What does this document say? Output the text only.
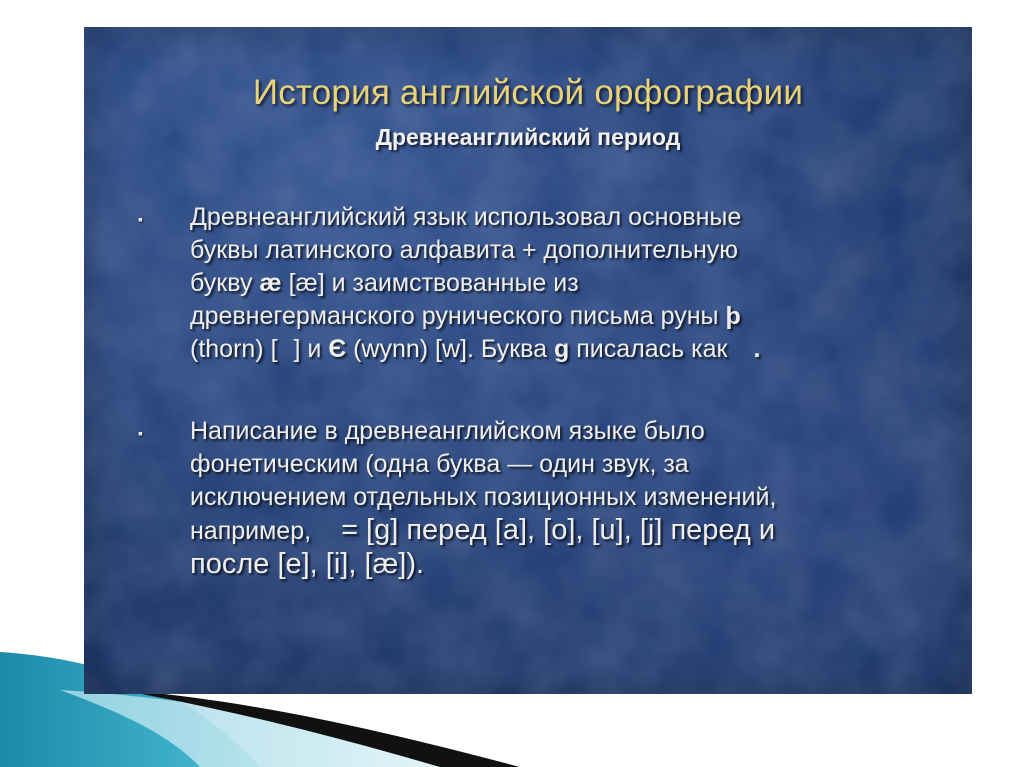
История английской орфографии
Древнеанглийский период
▪ Древнеанглийский язык использовал основные
буквы латинского алфавита + дополнительную
букву æ [æ] и заимствованные из
древнегерманского рунического письма руны þ
(thorn) [ ] и Є (wynn) [w]. Буква g писалась как .
▪ Написание в древнеанглийском языке было
фонетическим (одна буква — один звук, за
исключением отдельных позиционных изменений,
например, = [g] перед [a], [o], [u], [j] перед и
после [e], [i], [æ]).
